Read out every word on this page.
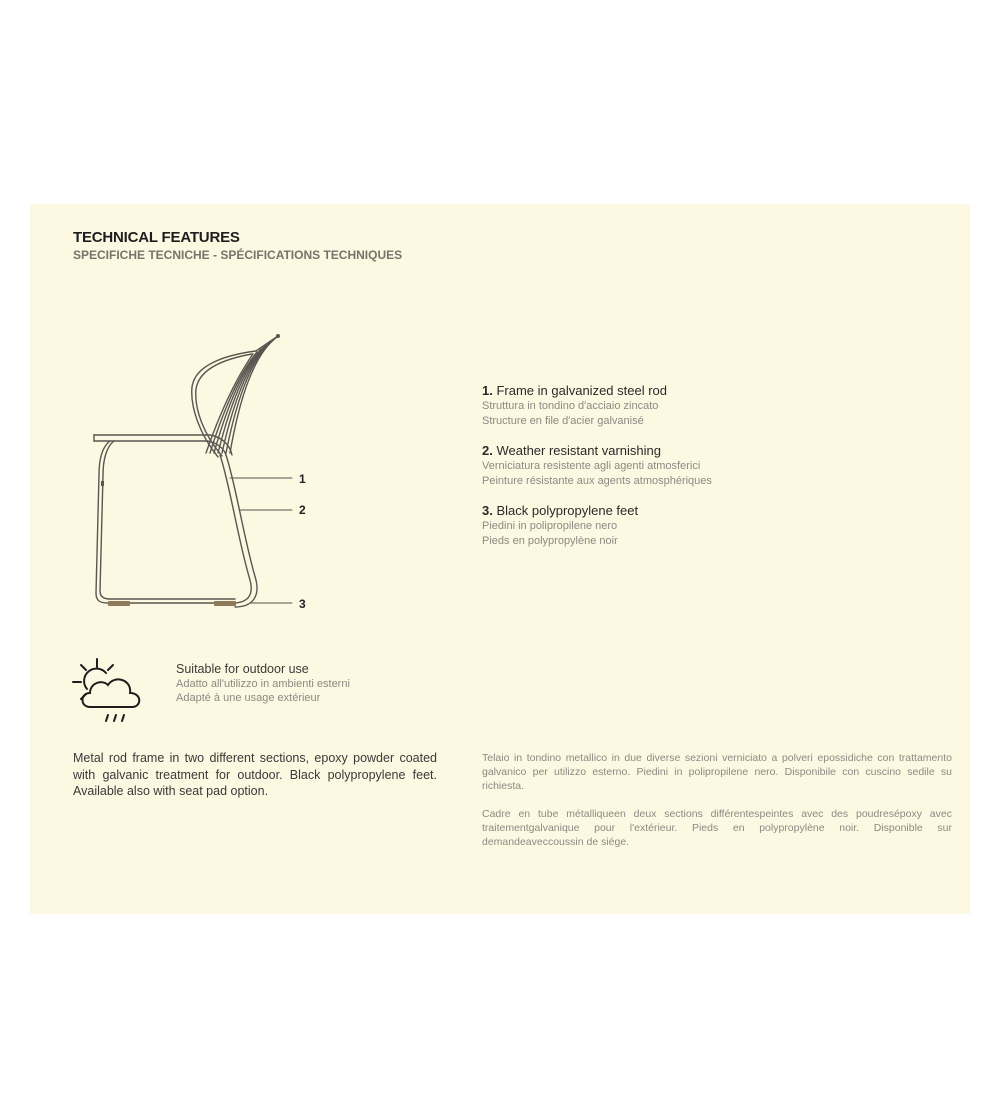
TECHNICAL FEATURES
SPECIFICHE TECNICHE - SPÉCIFICATIONS TECHNIQUES
1
2
3
1. Frame in galvanized steel rod
Struttura in tondino d'acciaio zincato
Structure en file d'acier galvanisé
2. Weather resistant varnishing
Verniciatura resistente agli agenti atmosferici
Peinture résistante aux agents atmosphériques
3. Black polypropylene feet
Piedini in polipropilene nero
Pieds en polypropylène noir
Suitable for outdoor use
Adatto all'utilizzo in ambienti esterni
Adapté à une usage extérieur

Metal rod frame in two different sections, epoxy powder coated with galvanic treatment for outdoor. Black polypropylene feet. Available also with seat pad option.

Telaio in tondino metallico in due diverse sezioni verniciato a polveri epossidiche con trattamento galvanico per utilizzo esterno. Piedini in polipropilene nero. Disponibile con cuscino sedile su richiesta.

Cadre en tube métalliqueen deux sections différentespeintes avec des poudresépoxy avec traitementgalvanique pour l'extérieur. Pieds en polypropylène noir. Disponible sur demandeaveccoussin de siége.
